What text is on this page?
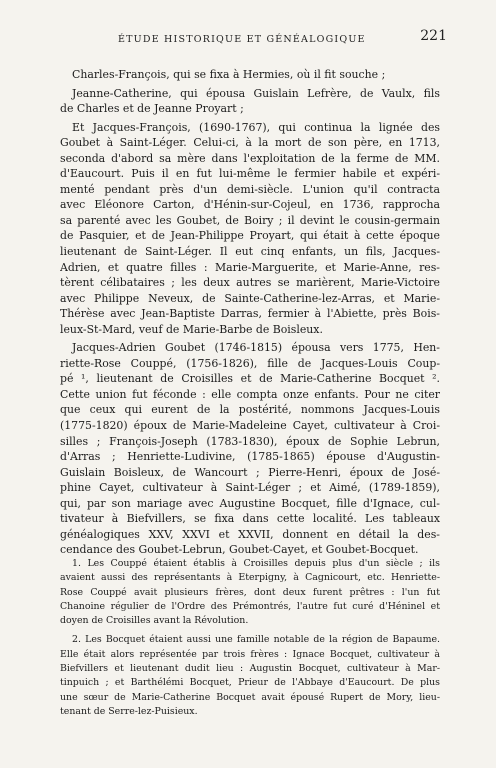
ÉTUDE HISTORIQUE ET GÉNÉALOGIQUE	221
Charles-François, qui se fixa à Hermies, où il fit souche ;
Jeanne-Catherine, qui épousa Guislain Lefrère, de Vaulx, fils
de Charles et de Jeanne Proyart ;
Et Jacques-François, (1690-1767), qui continua la lignée des
Goubet à Saint-Léger. Celui-ci, à la mort de son père, en 1713,
seconda d'abord sa mère dans l'exploitation de la ferme de MM.
d'Eaucourt. Puis il en fut lui-même le fermier habile et expéri-
menté pendant près d'un demi-siècle. L'union qu'il contracta
avec Eléonore Carton, d'Hénin-sur-Cojeul, en 1736, rapprocha
sa parenté avec les Goubet, de Boiry ; il devint le cousin-germain
de Pasquier, et de Jean-Philippe Proyart, qui était à cette époque
lieutenant de Saint-Léger. Il eut cinq enfants, un fils, Jacques-
Adrien, et quatre filles : Marie-Marguerite, et Marie-Anne, res-
tèrent célibataires ; les deux autres se marièrent, Marie-Victoire
avec Philippe Neveux, de Sainte-Catherine-lez-Arras, et Marie-
Thérèse avec Jean-Baptiste Darras, fermier à l'Abiette, près Bois-
leux-St-Mard, veuf de Marie-Barbe de Boisleux.
Jacques-Adrien Goubet (1746-1815) épousa vers 1775, Hen-
riette-Rose Couppé, (1756-1826), fille de Jacques-Louis Coup-
pé ¹, lieutenant de Croisilles et de Marie-Catherine Bocquet ².
Cette union fut féconde : elle compta onze enfants. Pour ne citer
que ceux qui eurent de la postérité, nommons Jacques-Louis
(1775-1820) époux de Marie-Madeleine Cayet, cultivateur à Croi-
silles ; François-Joseph (1783-1830), époux de Sophie Lebrun,
d'Arras ; Henriette-Ludivine, (1785-1865) épouse d'Augustin-
Guislain Boisleux, de Wancourt ; Pierre-Henri, époux de José-
phine Cayet, cultivateur à Saint-Léger ; et Aimé, (1789-1859),
qui, par son mariage avec Augustine Bocquet, fille d'Ignace, cul-
tivateur à Biefvillers, se fixa dans cette localité. Les tableaux
généalogiques XXV, XXVI et XXVII, donnent en détail la des-
cendance des Goubet-Lebrun, Goubet-Cayet, et Goubet-Bocquet.
1. Les Couppé étaient établis à Croisilles depuis plus d'un siècle ; ils
avaient aussi des représentants à Eterpigny, à Cagnicourt, etc. Henriette-
Rose Couppé avait plusieurs frères, dont deux furent prêtres : l'un fut
Chanoine régulier de l'Ordre des Prémontrés, l'autre fut curé d'Héninel et
doyen de Croisilles avant la Révolution.
2. Les Bocquet étaient aussi une famille notable de la région de Bapaume.
Elle était alors représentée par trois frères : Ignace Bocquet, cultivateur à
Biefvillers et lieutenant dudit lieu : Augustin Bocquet, cultivateur à Mar-
tinpuich ; et Barthélémi Bocquet, Prieur de l'Abbaye d'Eaucourt. De plus
une sœur de Marie-Catherine Bocquet avait épousé Rupert de Mory, lieu-
tenant de Serre-lez-Puisieux.
